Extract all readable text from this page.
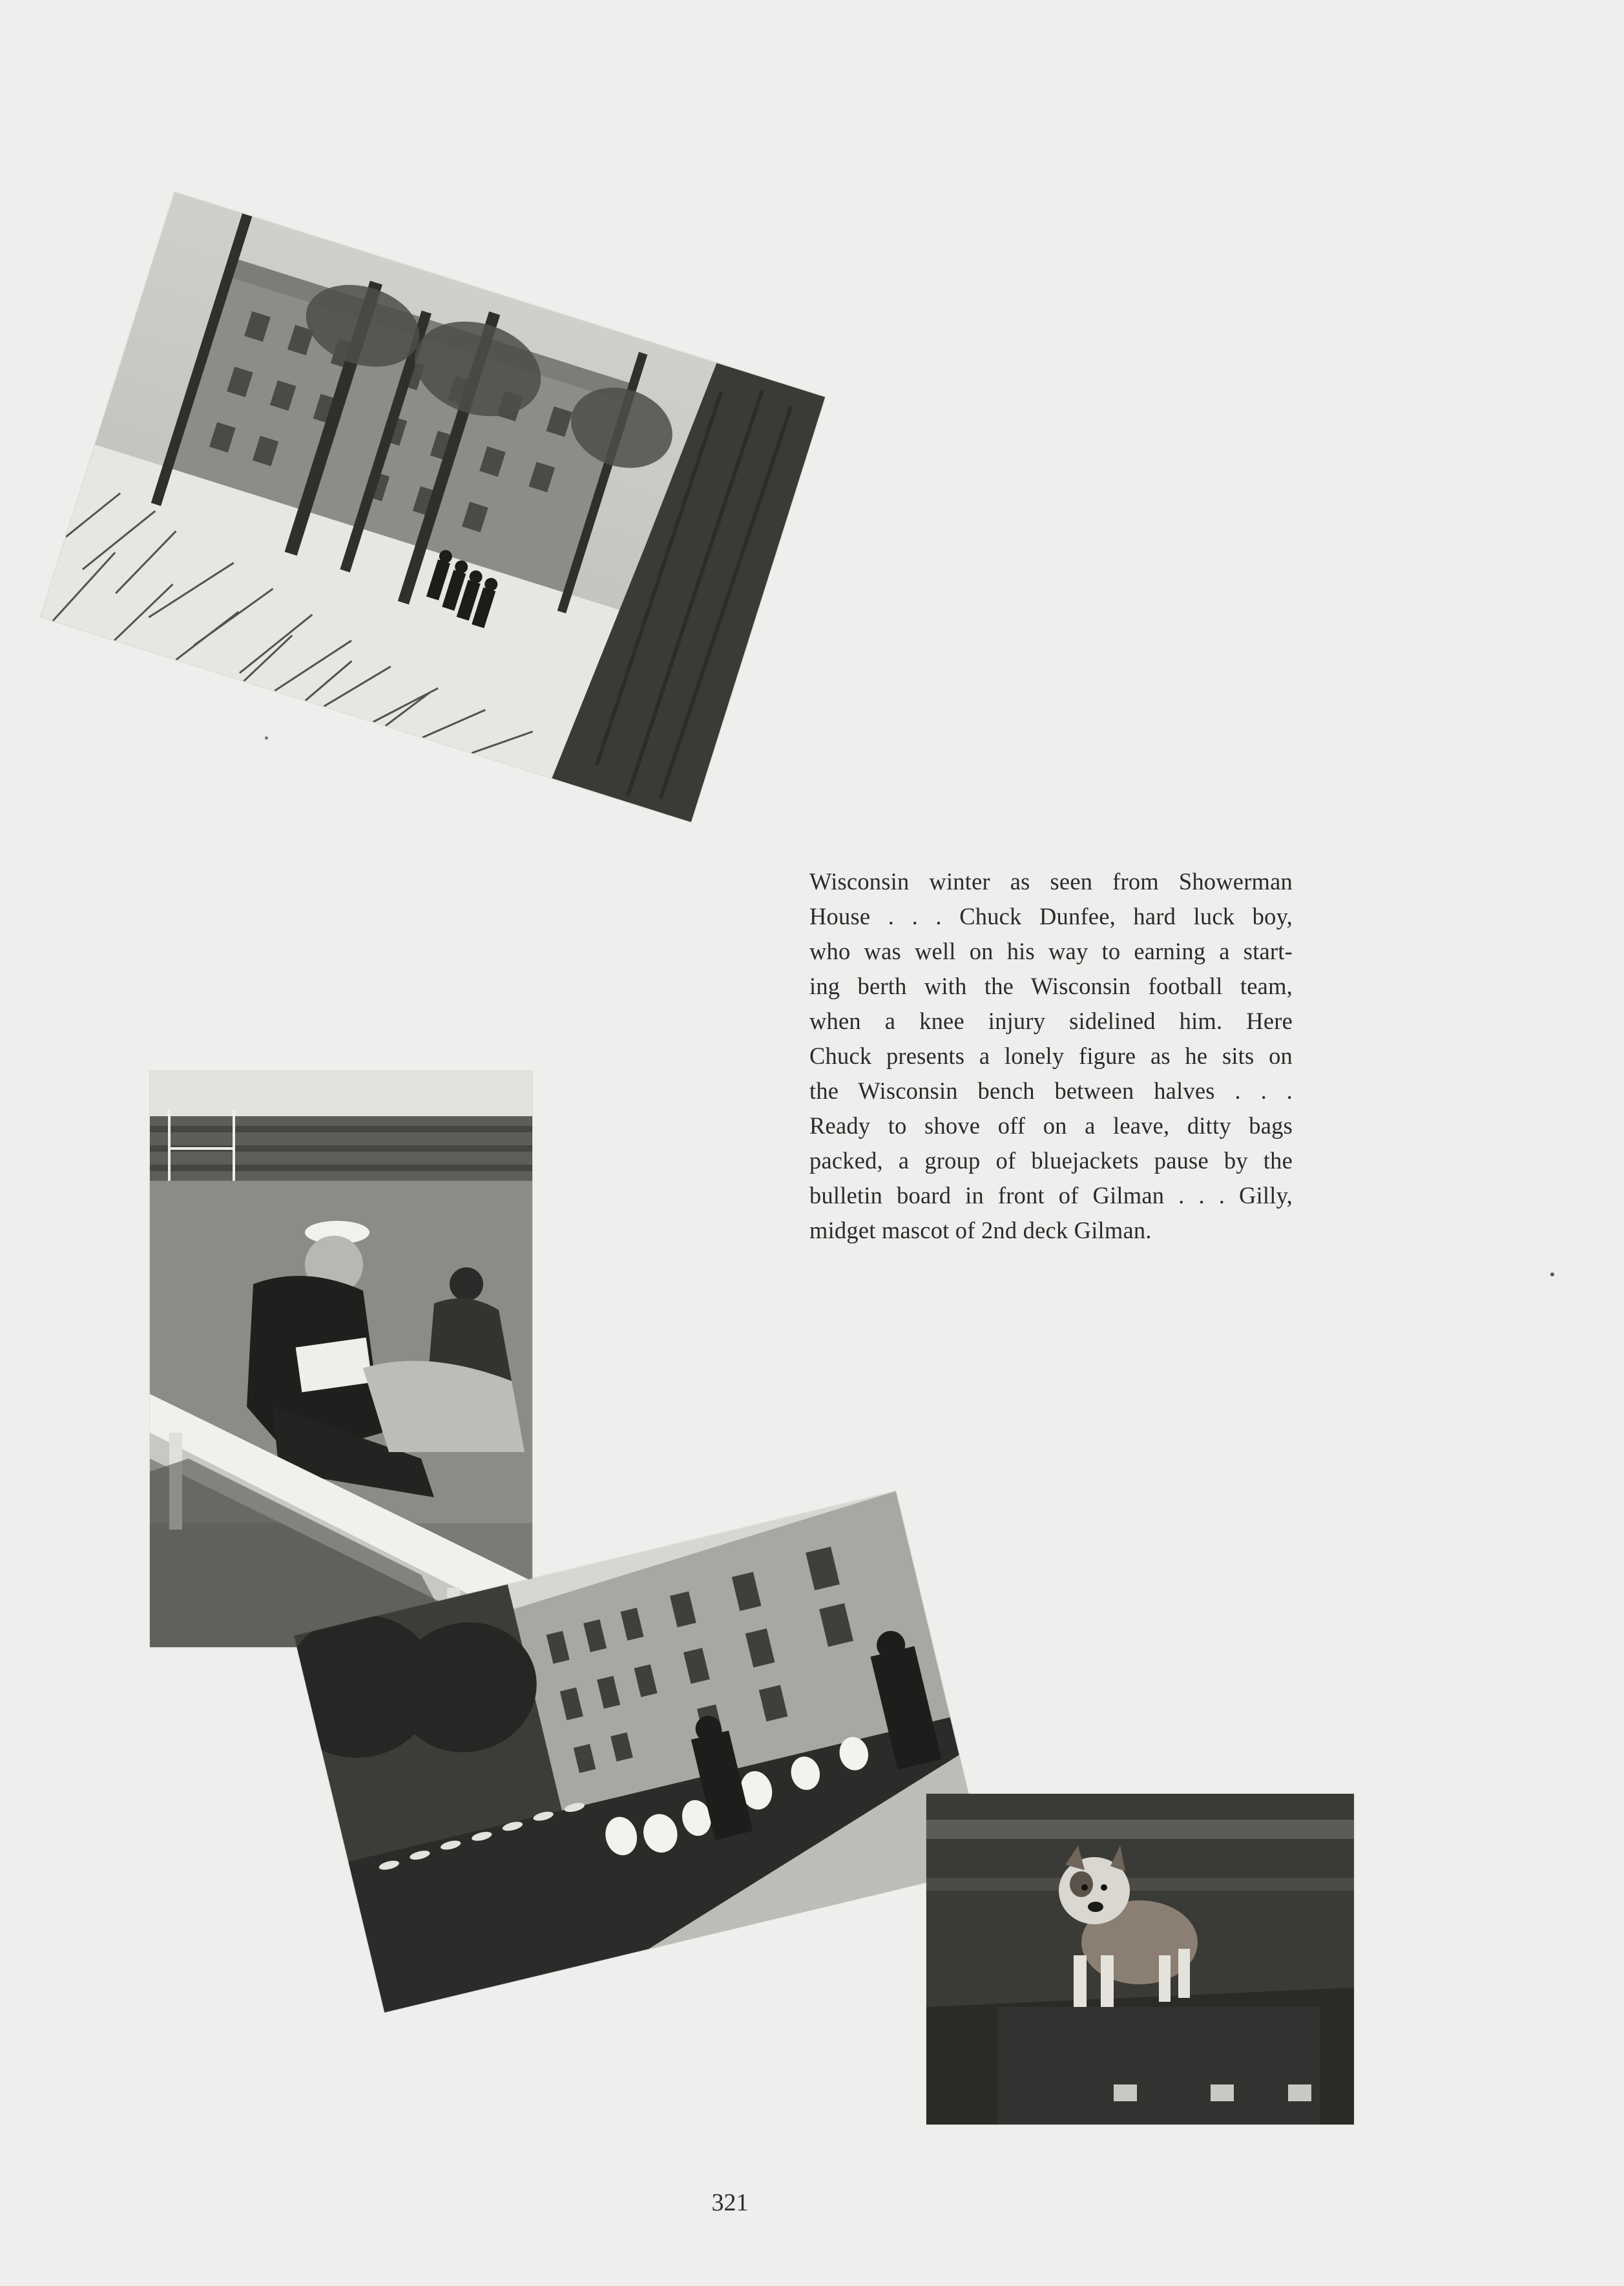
Wisconsin winter as seen from Showerman
House . . . Chuck Dunfee, hard luck boy,
who was well on his way to earning a start-
ing berth with the Wisconsin football team,
when a knee injury sidelined him. Here
Chuck presents a lonely figure as he sits on
the Wisconsin bench between halves . . .
Ready to shove off on a leave, ditty bags
packed, a group of bluejackets pause by the
bulletin board in front of Gilman . . . Gilly,
midget mascot of 2nd deck Gilman.
321
